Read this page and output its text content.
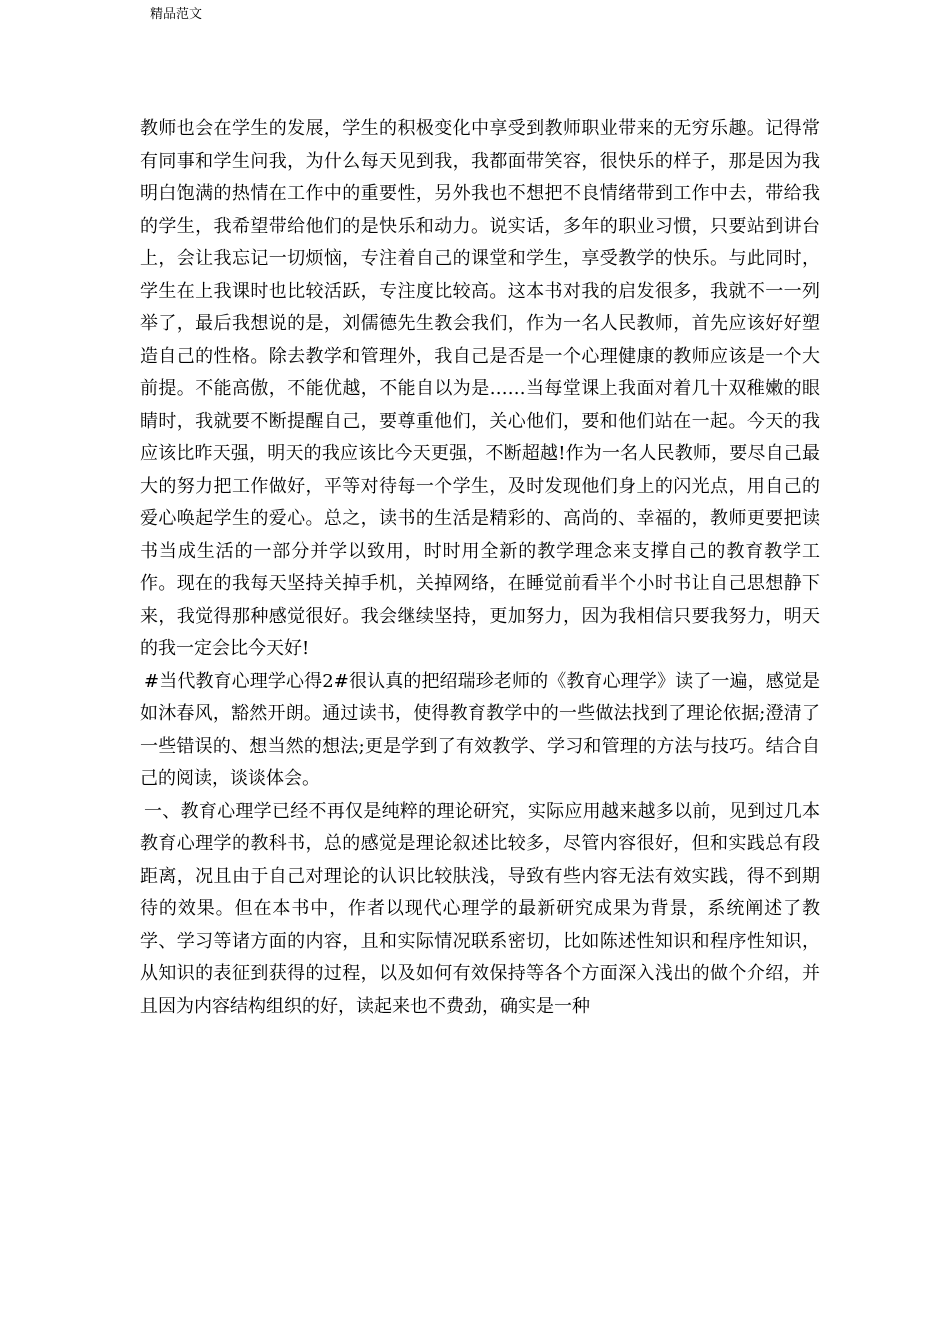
精品范文

教师也会在学生的发展，学生的积极变化中享受到教师职业带来的无穷乐趣。记得常有同事和学生问我，为什么每天见到我，我都面带笑容，很快乐的样子，那是因为我明白饱满的热情在工作中的重要性，另外我也不想把不良情绪带到工作中去，带给我的学生，我希望带给他们的是快乐和动力。说实话，多年的职业习惯，只要站到讲台上，会让我忘记一切烦恼，专注着自己的课堂和学生，享受教学的快乐。与此同时，学生在上我课时也比较活跃，专注度比较高。这本书对我的启发很多，我就不一一列举了，最后我想说的是，刘儒德先生教会我们，作为一名人民教师，首先应该好好塑造自己的性格。除去教学和管理外，我自己是否是一个心理健康的教师应该是一个大前提。不能高傲，不能优越，不能自以为是……当每堂课上我面对着几十双稚嫩的眼睛时，我就要不断提醒自己，要尊重他们，关心他们，要和他们站在一起。今天的我应该比昨天强，明天的我应该比今天更强，不断超越!作为一名人民教师，要尽自己最大的努力把工作做好，平等对待每一个学生，及时发现他们身上的闪光点，用自己的爱心唤起学生的爱心。总之，读书的生活是精彩的、高尚的、幸福的，教师更要把读书当成生活的一部分并学以致用，时时用全新的教学理念来支撑自己的教育教学工作。现在的我每天坚持关掉手机，关掉网络，在睡觉前看半个小时书让自己思想静下来，我觉得那种感觉很好。我会继续坚持，更加努力，因为我相信只要我努力，明天的我一定会比今天好!

#当代教育心理学心得2#很认真的把绍瑞珍老师的《教育心理学》读了一遍，感觉是如沐春风，豁然开朗。通过读书，使得教育教学中的一些做法找到了理论依据;澄清了一些错误的、想当然的想法;更是学到了有效教学、学习和管理的方法与技巧。结合自己的阅读，谈谈体会。

一、教育心理学已经不再仅是纯粹的理论研究，实际应用越来越多以前，见到过几本教育心理学的教科书，总的感觉是理论叙述比较多，尽管内容很好，但和实践总有段距离，况且由于自己对理论的认识比较肤浅，导致有些内容无法有效实践，得不到期待的效果。但在本书中，作者以现代心理学的最新研究成果为背景，系统阐述了教学、学习等诸方面的内容，且和实际情况联系密切，比如陈述性知识和程序性知识，从知识的表征到获得的过程，以及如何有效保持等各个方面深入浅出的做个介绍，并且因为内容结构组织的好，读起来也不费劲，确实是一种
